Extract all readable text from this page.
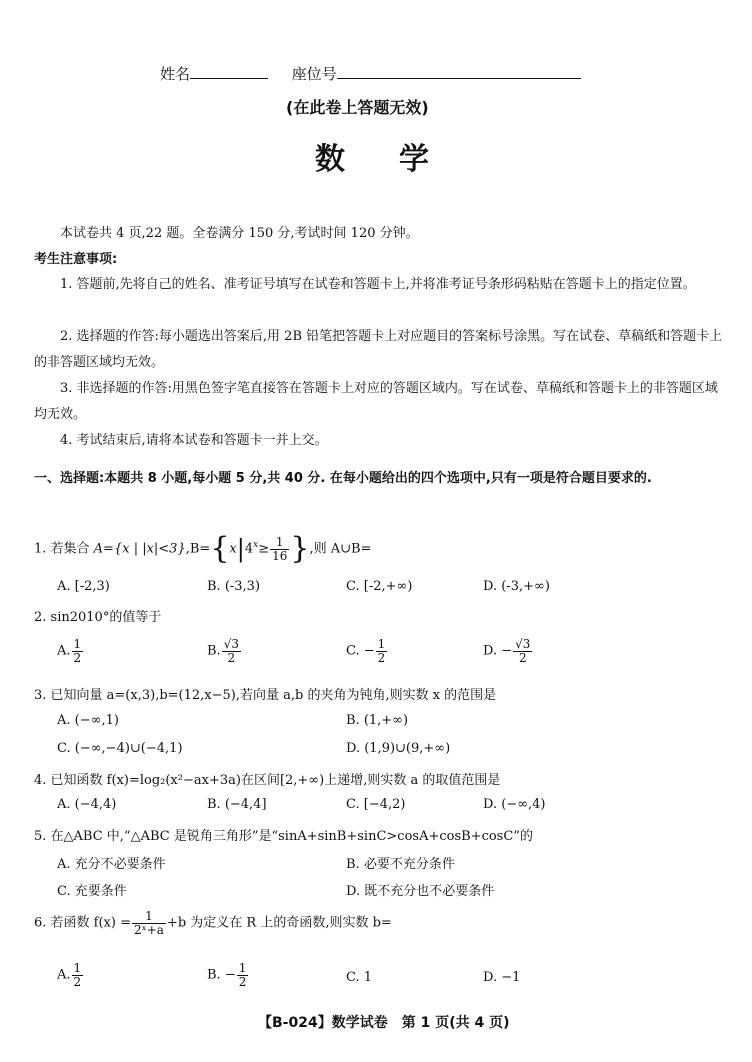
姓名	座位号
(在此卷上答题无效)
数　学
本试卷共 4 页,22 题。全卷满分 150 分,考试时间 120 分钟。
考生注意事项:
1. 答题前,先将自己的姓名、准考证号填写在试卷和答题卡上,并将准考证号条形码粘贴在答题卡上的指定位置。
2. 选择题的作答:每小题选出答案后,用 2B 铅笔把答题卡上对应题目的答案标号涂黑。写在试卷、草稿纸和答题卡上的非答题区域均无效。
3. 非选择题的作答:用黑色签字笔直接答在答题卡上对应的答题区域内。写在试卷、草稿纸和答题卡上的非答题区域均无效。
4. 考试结束后,请将本试卷和答题卡一并上交。
一、选择题:本题共 8 小题,每小题 5 分,共 40 分. 在每小题给出的四个选项中,只有一项是符合题目要求的.
1. 若集合 A={x | $|x|<3\},B=\{x|4^x\ge \frac{1}{16}$ },则 A∪B=
A. [-2,3)	B. (-3,3)	C. [-2,+∞)	D. (-3,+∞)
2. sin2010°的值等于
A. $\frac{1}{2}$	B. $\frac{√3}{2}$	C. − $\frac{1}{2}$	D. − $\frac{√3}{2}$
3. 已知向量 a=(x,3),b=(12,x−5),若向量 a,b 的夹角为钝角,则实数 x 的范围是
A. (−∞,1)	B. (1,+∞)
C. (−∞,−4)∪(−4,1)	D. (1,9)∪(9,+∞)
4. 已知函数 f(x)=log₂(x²−ax+3a)在区间[2,+∞)上递增,则实数 a 的取值范围是
A. (−4,4)	B. (−4,4]	C. [−4,2)	D. (−∞,4)
5. 在△ABC 中,“△ABC 是锐角三角形”是“sinA+sinB+sinC>cosA+cosB+cosC”的
A. 充分不必要条件	B. 必要不充分条件
C. 充要条件	D. 既不充分也不必要条件
6. 若函数 $f(x) = \frac{1}{\text{2ˣ+a}} +b$ 为定义在 R 上的奇函数,则实数 b=
A. $\frac{1}{2}$	B. − $\frac{1}{2}$	C. 1	D. −1
【B-024】数学试卷　第 1 页(共 4 页)
